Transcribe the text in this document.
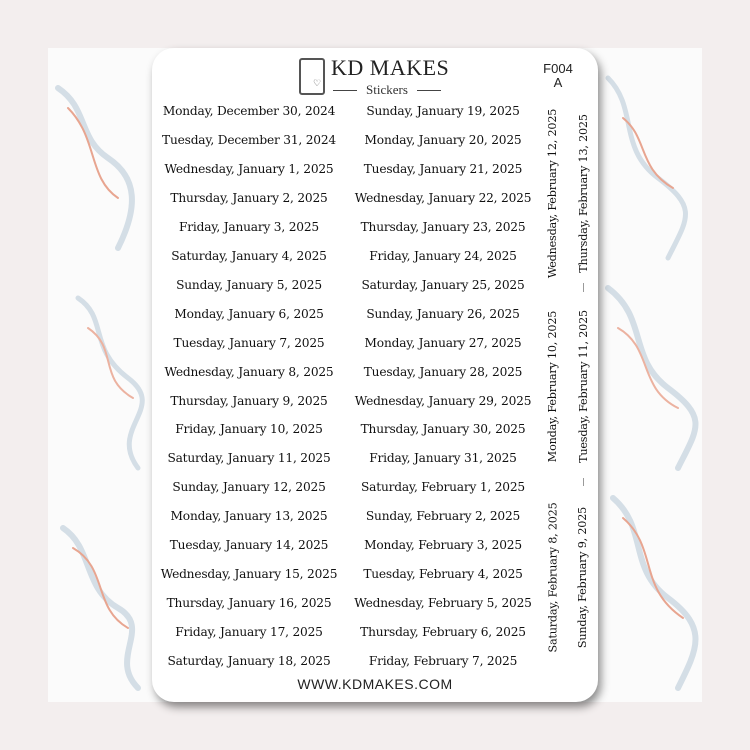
♡
KD MAKES
Stickers
F004
A
Monday, December 30, 2024
Tuesday, December 31, 2024
Wednesday, January 1, 2025
Thursday, January 2, 2025
Friday, January 3, 2025
Saturday, January 4, 2025
Sunday, January 5, 2025
Monday, January 6, 2025
Tuesday, January 7, 2025
Wednesday, January 8, 2025
Thursday, January 9, 2025
Friday, January 10, 2025
Saturday, January 11, 2025
Sunday, January 12, 2025
Monday, January 13, 2025
Tuesday, January 14, 2025
Wednesday, January 15, 2025
Thursday, January 16, 2025
Friday, January 17, 2025
Saturday, January 18, 2025
Sunday, January 19, 2025
Monday, January 20, 2025
Tuesday, January 21, 2025
Wednesday, January 22, 2025
Thursday, January 23, 2025
Friday, January 24, 2025
Saturday, January 25, 2025
Sunday, January 26, 2025
Monday, January 27, 2025
Tuesday, January 28, 2025
Wednesday, January 29, 2025
Thursday, January 30, 2025
Friday, January 31, 2025
Saturday, February 1, 2025
Sunday, February 2, 2025
Monday, February 3, 2025
Tuesday, February 4, 2025
Wednesday, February 5, 2025
Thursday, February 6, 2025
Friday, February 7, 2025
Wednesday, February 12, 2025 Thursday, February 13, 2025
Monday, February 10, 2025 Tuesday, February 11, 2025
Saturday, February 8, 2025 Sunday, February 9, 2025
WWW.KDMAKES.COM
